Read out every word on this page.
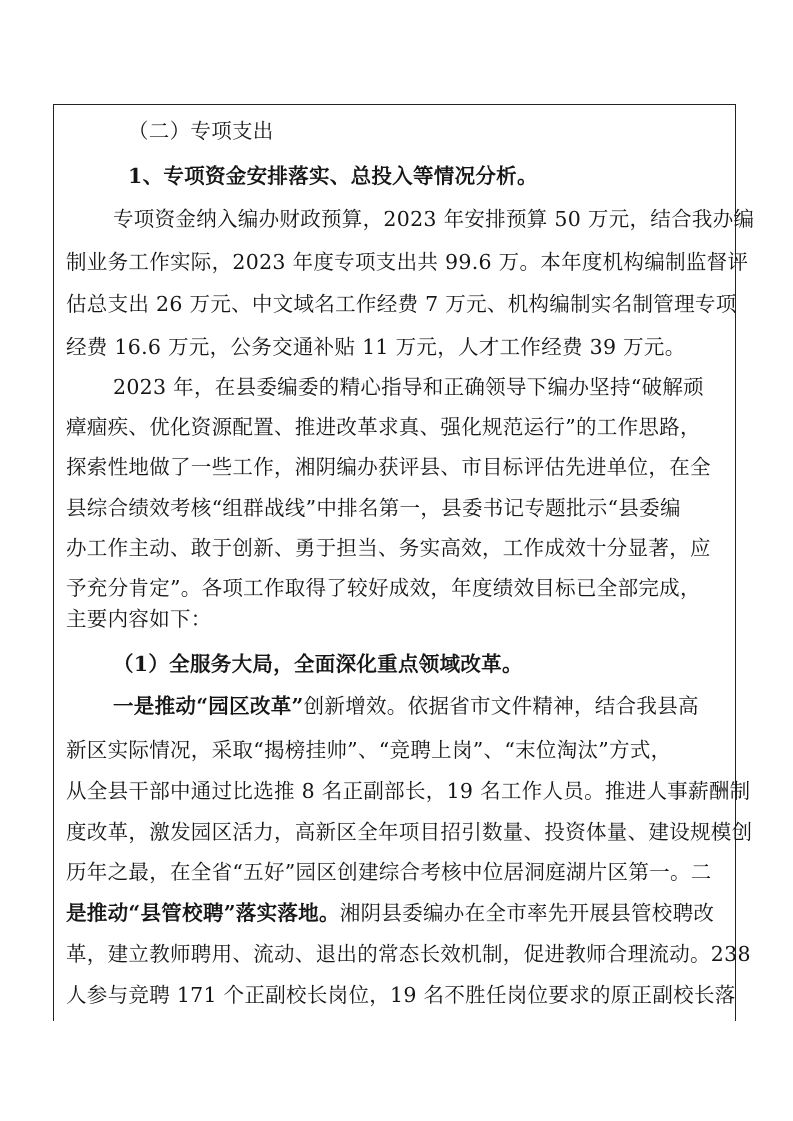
（二）专项支出
1、专项资金安排落实、总投入等情况分析。
专项资金纳入编办财政预算，2023 年安排预算 50 万元，结合我办编
制业务工作实际，2023 年度专项支出共 99.6 万。本年度机构编制监督评
估总支出 26 万元、中文域名工作经费 7 万元、机构编制实名制管理专项
经费 16.6 万元，公务交通补贴 11 万元，人才工作经费 39 万元。
2023 年，在县委编委的精心指导和正确领导下编办坚持“破解顽
瘴痼疾、优化资源配置、推进改革求真、强化规范运行”的工作思路，
探索性地做了一些工作，湘阴编办获评县、市目标评估先进单位，在全
县综合绩效考核“组群战线”中排名第一，县委书记专题批示“县委编
办工作主动、敢于创新、勇于担当、务实高效，工作成效十分显著，应
予充分肯定”。各项工作取得了较好成效，年度绩效目标已全部完成，
主要内容如下：
（1）全服务大局，全面深化重点领域改革。
一是推动“园区改革”创新增效。依据省市文件精神，结合我县高
新区实际情况，采取“揭榜挂帅”、“竞聘上岗”、“末位淘汰”方式，
从全县干部中通过比选推 8 名正副部长，19 名工作人员。推进人事薪酬制
度改革，激发园区活力，高新区全年项目招引数量、投资体量、建设规模创
历年之最，在全省“五好”园区创建综合考核中位居洞庭湖片区第一。二
是推动“县管校聘”落实落地。湘阴县委编办在全市率先开展县管校聘改
革，建立教师聘用、流动、退出的常态长效机制，促进教师合理流动。238
人参与竞聘 171 个正副校长岗位，19 名不胜任岗位要求的原正副校长落
